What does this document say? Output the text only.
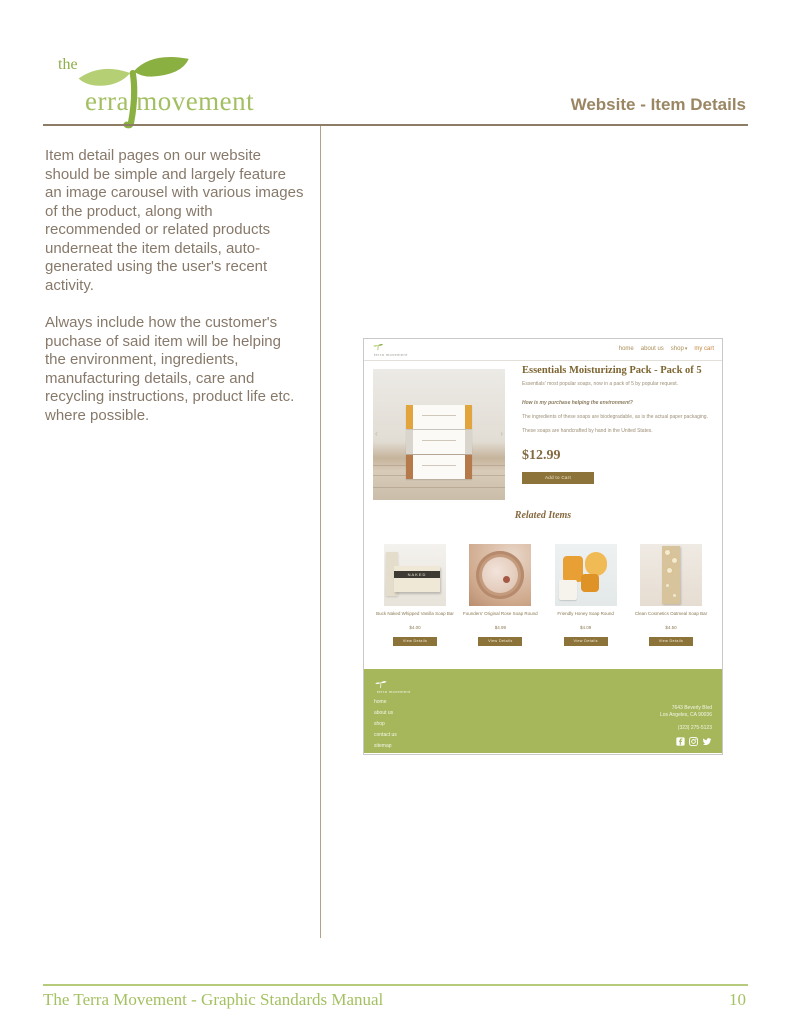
the
erra movement	Website - Item Details

Item detail pages on our website should be simple and largely feature an image carousel with various images of the product, along with recommended or related products underneat the item details, auto-generated using the user's recent activity.

Always include how the customer's puchase of said item will be helping the environment, ingredients, manufacturing details, care and recycling instructions, product life etc. where possible.

terra movement
home about us shop▾ my cart
‹	›
Essentials Moisturizing Pack - Pack of 5
Essentials' most popular soaps, now in a pack of 5 by popular request.
How is my purchase helping the environment?
The ingredients of these soaps are biodegradable, as is the actual paper packaging.
These soaps are handcrafted by hand in the United States.
$12.99
Add to Cart
Related Items
NAKED
Buck Naked Whipped Vanilla Soap Bar
$4.00
View Details
Founders' Original Rose Soap Round
$4.99
View Details
Friendly Honey Soap Round
$4.09
View Details
Clean Cosmetics Oatmeal Soap Bar
$4.50
View Details
terra movement
home
about us
shop
contact us
sitemap
7643 Beverly Blvd
Los Angeles, CA 90036
(323) 275-5123
The Terra Movement - Graphic Standards Manual	10
